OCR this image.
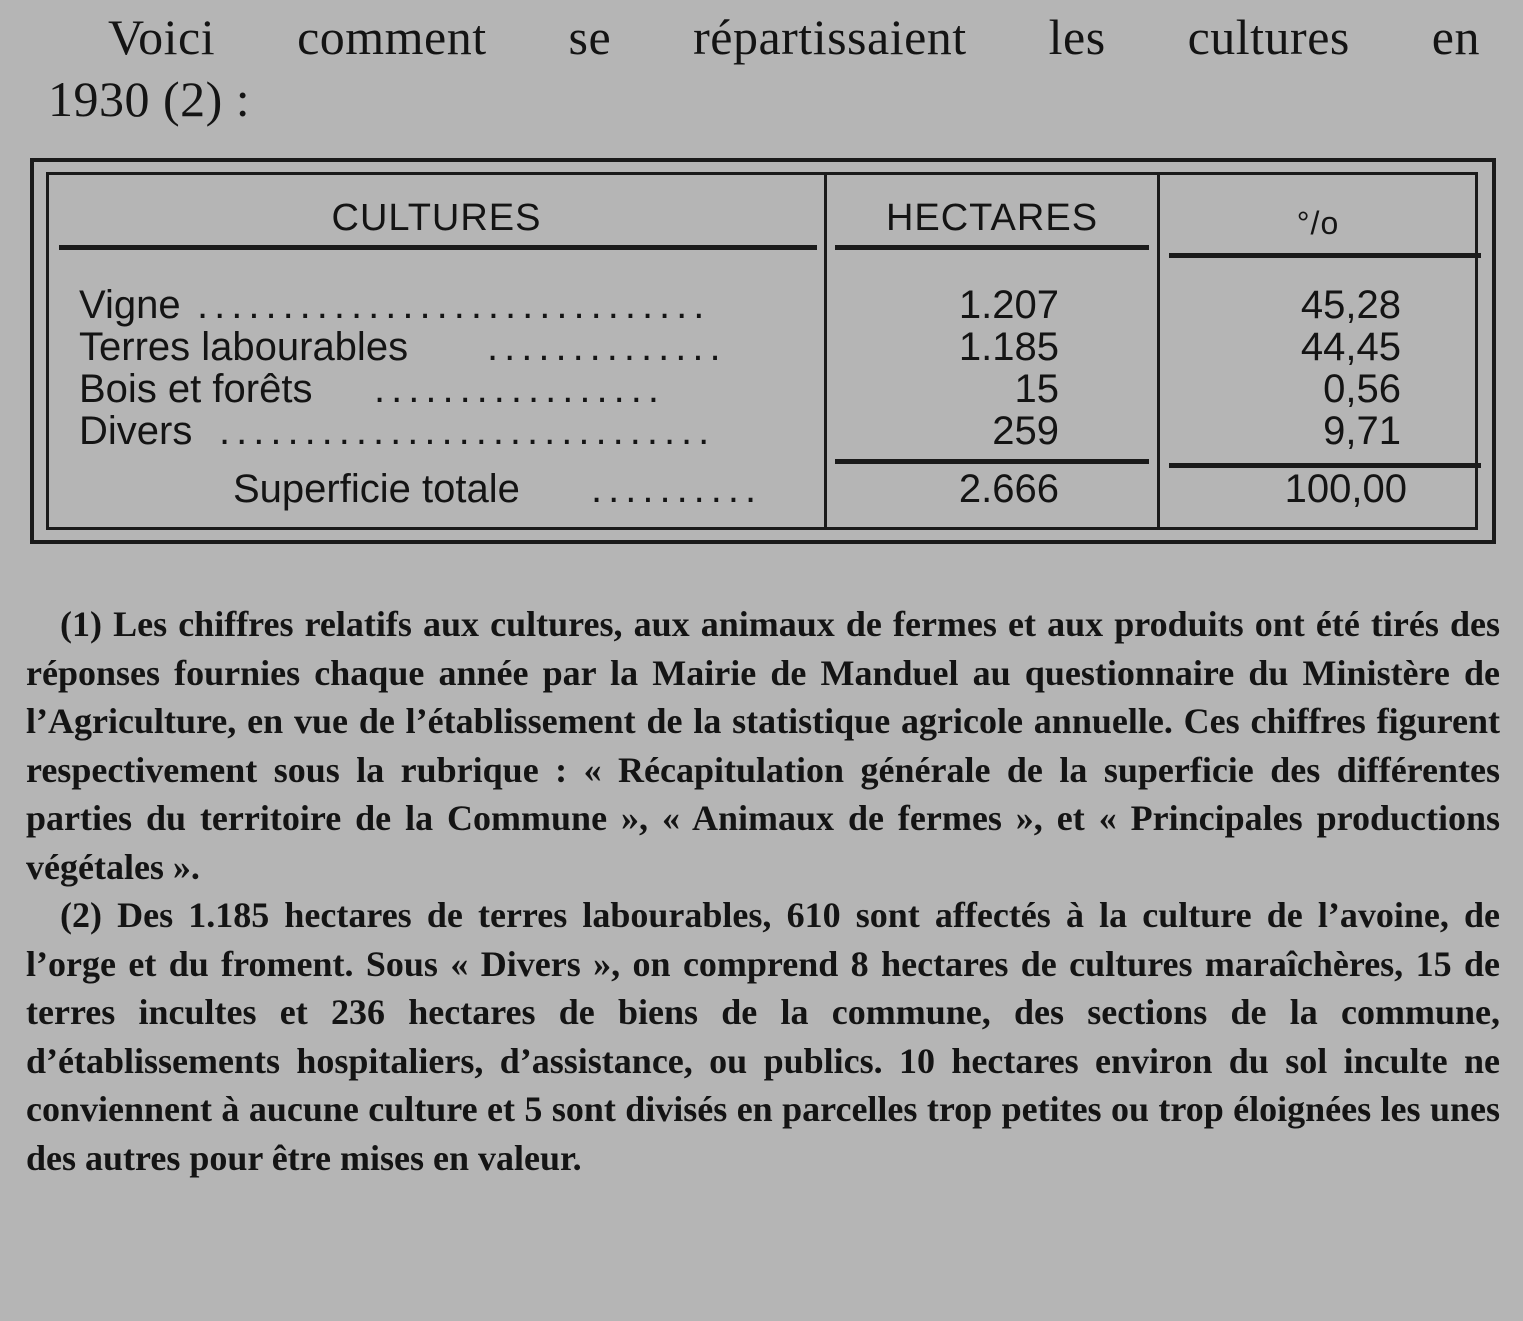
Voici comment se répartissaient les cultures en
1930 (2) :
CULTURES	HECTARES	°/o
Vigne ..............................	1.207	45,28
Terres labourables ..............	1.185	44,45
Bois et forêts .................	15	0,56
Divers .............................	259	9,71
Superficie totale ..........	2.666	100,00

(1) Les chiffres relatifs aux cultures, aux animaux de fermes et aux produits ont été tirés des réponses fournies chaque année par la Mairie de Manduel au questionnaire du Ministère de l’Agriculture, en vue de l’établissement de la statistique agricole annuelle. Ces chiffres figurent respectivement sous la rubrique : « Récapitulation générale de la superficie des différentes parties du territoire de la Commune », « Animaux de fermes », et « Principales productions végétales ».

(2) Des 1.185 hectares de terres labourables, 610 sont affectés à la culture de l’avoine, de l’orge et du froment. Sous « Divers », on comprend 8 hectares de cultures maraîchères, 15 de terres incultes et 236 hectares de biens de la commune, des sections de la commune, d’établissements hospitaliers, d’assistance, ou publics. 10 hectares environ du sol inculte ne conviennent à aucune culture et 5 sont divisés en parcelles trop petites ou trop éloignées les unes des autres pour être mises en valeur.
